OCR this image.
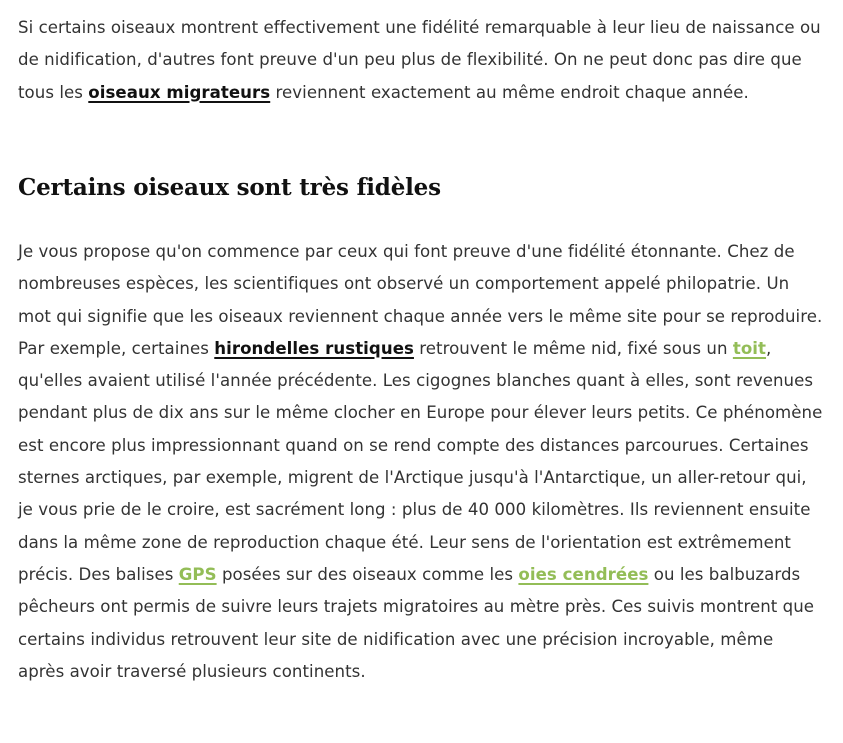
Si certains oiseaux montrent effectivement une fidélité remarquable à leur lieu de naissance ou de nidification, d'autres font preuve d'un peu plus de flexibilité. On ne peut donc pas dire que tous les oiseaux migrateurs reviennent exactement au même endroit chaque année.

Certains oiseaux sont très fidèles

Je vous propose qu'on commence par ceux qui font preuve d'une fidélité étonnante. Chez de nombreuses espèces, les scientifiques ont observé un comportement appelé philopatrie. Un mot qui signifie que les oiseaux reviennent chaque année vers le même site pour se reproduire. Par exemple, certaines hirondelles rustiques retrouvent le même nid, fixé sous un toit, qu'elles avaient utilisé l'année précédente. Les cigognes blanches quant à elles, sont revenues pendant plus de dix ans sur le même clocher en Europe pour élever leurs petits. Ce phénomène est encore plus impressionnant quand on se rend compte des distances parcourues. Certaines sternes arctiques, par exemple, migrent de l'Arctique jusqu'à l'Antarctique, un aller-retour qui, je vous prie de le croire, est sacrément long : plus de 40 000 kilomètres. Ils reviennent ensuite dans la même zone de reproduction chaque été. Leur sens de l'orientation est extrêmement précis. Des balises GPS posées sur des oiseaux comme les oies cendrées ou les balbuzards pêcheurs ont permis de suivre leurs trajets migratoires au mètre près. Ces suivis montrent que certains individus retrouvent leur site de nidification avec une précision incroyable, même après avoir traversé plusieurs continents.
